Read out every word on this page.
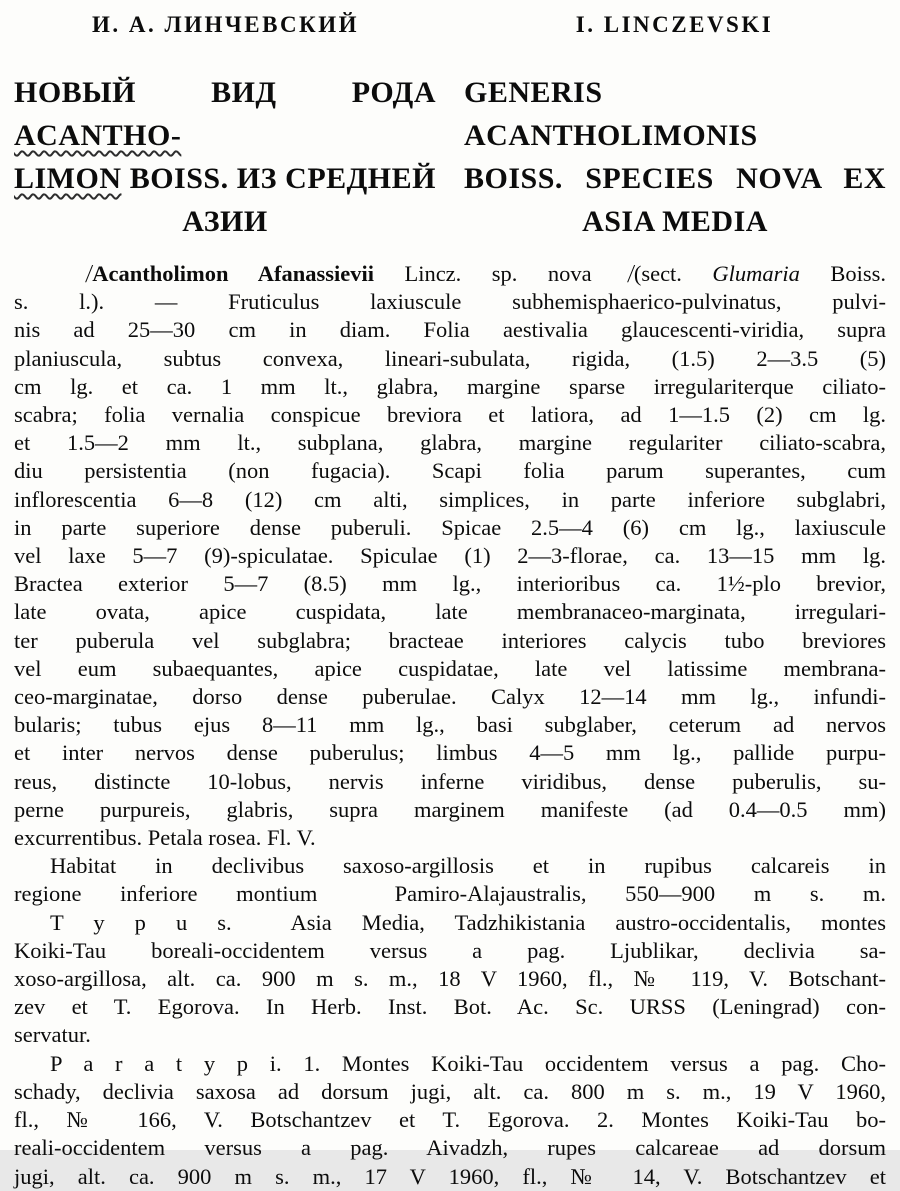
И. А. ЛИНЧЕВСКИЙ	I. LINCZEVSKI
НОВЫЙ ВИД РОДА ACANTHO-
LIMON BOISS. ИЗ СРЕДНЕЙ
АЗИИ
GENERIS ACANTHOLIMONIS
BOISS. SPECIES NOVA EX
ASIA MEDIA
/Acantholimon Afanassievii Lincz. sp. nova /(sect. Glumaria Boiss.
s. l.). — Fruticulus laxiuscule subhemisphaerico-pulvinatus, pulvi-
nis ad 25—30 cm in diam. Folia aestivalia glaucescenti-viridia, supra
planiuscula, subtus convexa, lineari-subulata, rigida, (1.5) 2—3.5 (5)
cm lg. et ca. 1 mm lt., glabra, margine sparse irregulariterque ciliato-
scabra; folia vernalia conspicue breviora et latiora, ad 1—1.5 (2) cm lg.
et 1.5—2 mm lt., subplana, glabra, margine regulariter ciliato-scabra,
diu persistentia (non fugacia). Scapi folia parum superantes, cum
inflorescentia 6—8 (12) cm alti, simplices, in parte inferiore subglabri,
in parte superiore dense puberuli. Spicae 2.5—4 (6) cm lg., laxiuscule
vel laxe 5—7 (9)-spiculatae. Spiculae (1) 2—3-florae, ca. 13—15 mm lg.
Bractea exterior 5—7 (8.5) mm lg., interioribus ca. 1½-plo brevior,
late ovata, apice cuspidata, late membranaceo-marginata, irregulari-
ter puberula vel subglabra; bracteae interiores calycis tubo breviores
vel eum subaequantes, apice cuspidatae, late vel latissime membrana-
ceo-marginatae, dorso dense puberulae. Calyx 12—14 mm lg., infundi-
bularis; tubus ejus 8—11 mm lg., basi subglaber, ceterum ad nervos
et inter nervos dense puberulus; limbus 4—5 mm lg., pallide purpu-
reus, distincte 10-lobus, nervis inferne viridibus, dense puberulis, su-
perne purpureis, glabris, supra marginem manifeste (ad 0.4—0.5 mm)
excurrentibus. Petala rosea. Fl. V.
Habitat in declivibus saxoso-argillosis et in rupibus calcareis in
regione inferiore montium  Pamiro-Alajaustralis, 550—900 m s. m.
T y p u s.  Asia Media, Tadzhikistania austro-occidentalis, montes
Koiki-Tau boreali-occidentem versus a pag. Ljublikar, declivia sa-
xoso-argillosa, alt. ca. 900 m s. m., 18 V 1960, fl., № 119, V. Botschant-
zev et T. Egorova. In Herb. Inst. Bot. Ac. Sc. URSS (Leningrad) con-
servatur.
P a r a t y p i. 1. Montes Koiki-Tau occidentem versus a pag. Cho-
schady, declivia saxosa ad dorsum jugi, alt. ca. 800 m s. m., 19 V 1960,
fl., № 166, V. Botschantzev et T. Egorova. 2. Montes Koiki-Tau bo-
reali-occidentem versus a pag. Aivadzh, rupes calcareae ad dorsum
jugi, alt. ca. 900 m s. m., 17 V 1960, fl., № 14, V. Botschantzev et
